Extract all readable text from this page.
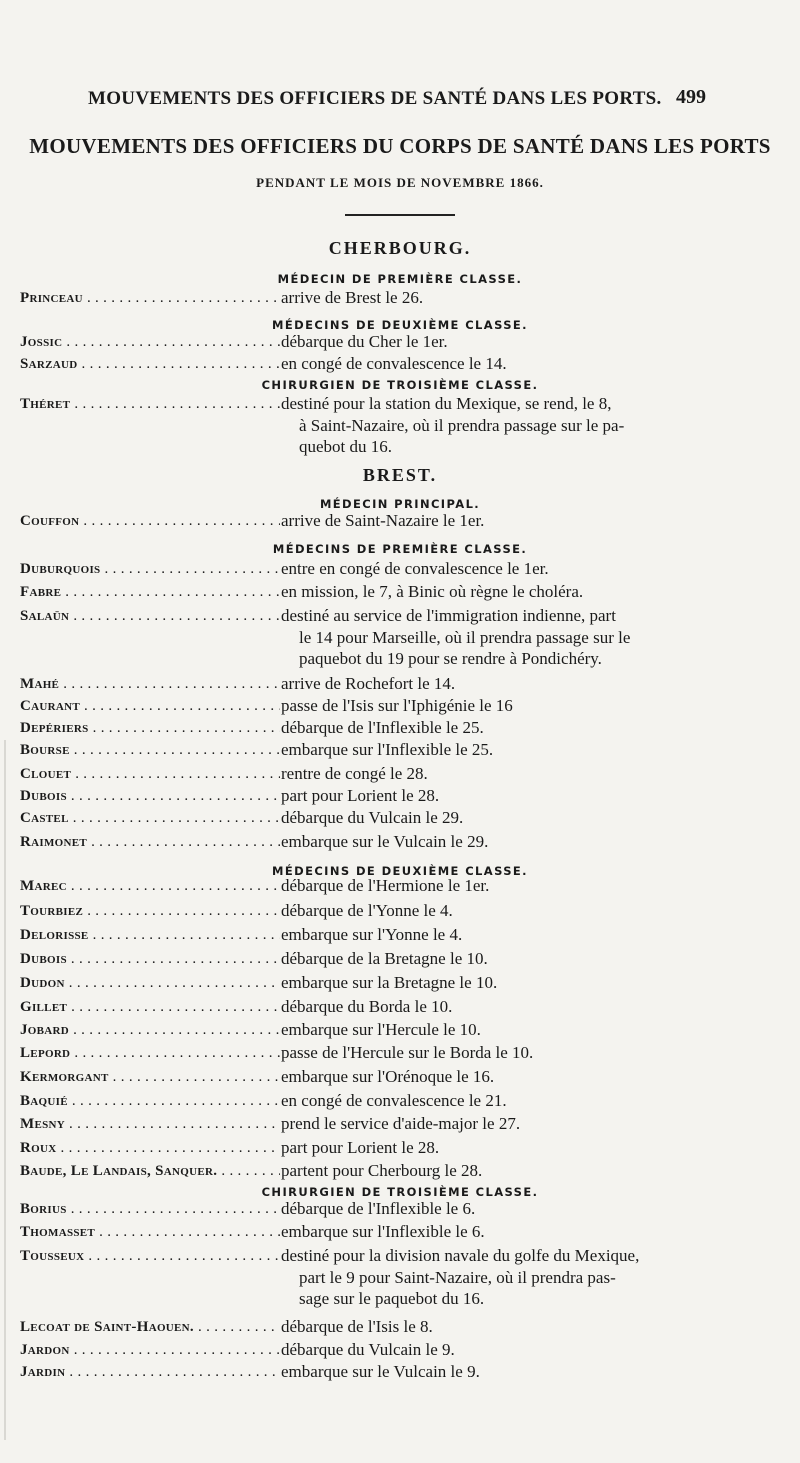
MOUVEMENTS DES OFFICIERS DE SANTÉ DANS LES PORTS. 499
MOUVEMENTS DES OFFICIERS DU CORPS DE SANTÉ DANS LES PORTS
PENDANT LE MOIS DE NOVEMBRE 1866.
CHERBOURG.
MÉDECIN DE PREMIÈRE CLASSE.
Princeau . . .	arrive de Brest le 26.
MÉDECINS DE DEUXIÈME CLASSE.
Jossic . . .	débarque du Cher le 1er.
Sarzaud . . .	en congé de convalescence le 14.
CHIRURGIEN DE TROISIÈME CLASSE.
Théret . . .	destiné pour la station du Mexique, se rend, le 8,
à Saint-Nazaire, où il prendra passage sur le pa-
quebot du 16.
BREST.
MÉDECIN PRINCIPAL.
Couffon . . .	arrive de Saint-Nazaire le 1er.
MÉDECINS DE PREMIÈRE CLASSE.
Duburquois . . .	entre en congé de convalescence le 1er.
Fabre . . .	en mission, le 7, à Binic où règne le choléra.
Salaün . . .	destiné au service de l'immigration indienne, part
le 14 pour Marseille, où il prendra passage sur le
paquebot du 19 pour se rendre à Pondichéry.
Mahé . . .	arrive de Rochefort le 14.
Caurant . . .	passe de l'Isis sur l'Iphigénie le 16
Depériers . . .	débarque de l'Inflexible le 25.
Bourse . . .	embarque sur l'Inflexible le 25.
Clouet . . .	rentre de congé le 28.
Dubois . . .	part pour Lorient le 28.
Castel . . .	débarque du Vulcain le 29.
Raimonet . . .	embarque sur le Vulcain le 29.
MÉDECINS DE DEUXIÈME CLASSE.
Marec . . .	débarque de l'Hermione le 1er.
Tourbiez . . .	débarque de l'Yonne le 4.
Delorisse . . .	embarque sur l'Yonne le 4.
Dubois . . .	débarque de la Bretagne le 10.
Dudon . . .	embarque sur la Bretagne le 10.
Gillet . . .	débarque du Borda le 10.
Jobard . . .	embarque sur l'Hercule le 10.
Lepord . . .	passe de l'Hercule sur le Borda le 10.
Kermorgant . . .	embarque sur l'Orénoque le 16.
Baquié . . .	en congé de convalescence le 21.
Mesny . . .	prend le service d'aide-major le 27.
Roux . . .	part pour Lorient le 28.
Baude, Le Landais, Sanquer. . . .	partent pour Cherbourg le 28.
CHIRURGIEN DE TROISIÈME CLASSE.
Borius . . .	débarque de l'Inflexible le 6.
Thomasset . . .	embarque sur l'Inflexible le 6.
Tousseux . . .	destiné pour la division navale du golfe du Mexique,
part le 9 pour Saint-Nazaire, où il prendra pas-
sage sur le paquebot du 16.
Lecoat de Saint-Haouen. . . .	débarque de l'Isis le 8.
Jardon . . .	débarque du Vulcain le 9.
Jardin . . .	embarque sur le Vulcain le 9.
